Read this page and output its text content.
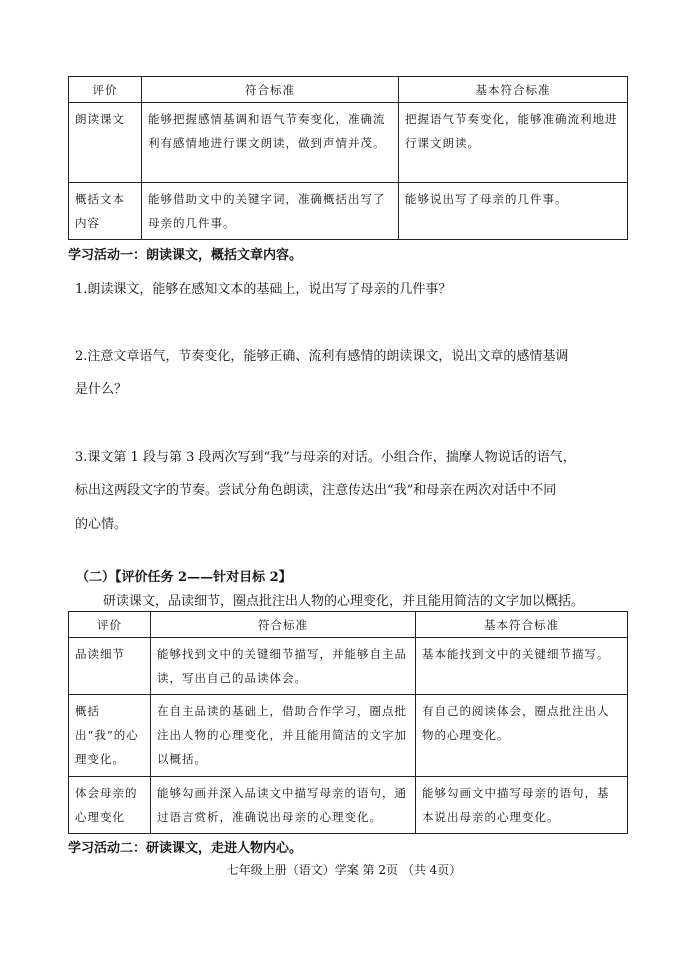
评价	符合标准	基本符合标准
朗读课文	能够把握感情基调和语气节奏变化，准确流利有感情地进行课文朗读，做到声情并茂。	把握语气节奏变化，能够准确流利地进行课文朗读。
概括文本内容	能够借助文中的关键字词，准确概括出写了母亲的几件事。	能够说出写了母亲的几件事。
学习活动一：朗读课文，概括文章内容。
1.朗读课文，能够在感知文本的基础上，说出写了母亲的几件事？
2.注意文章语气，节奏变化，能够正确、流利有感情的朗读课文，说出文章的感情基调
是什么？
3.课文第 1 段与第 3 段两次写到“我”与母亲的对话。小组合作，揣摩人物说话的语气，
标出这两段文字的节奏。尝试分角色朗读，注意传达出“我”和母亲在两次对话中不同
的心情。
（二）【评价任务 2——针对目标 2】
研读课文，品读细节，圈点批注出人物的心理变化，并且能用简洁的文字加以概括。
评价	符合标准	基本符合标准
品读细节	能够找到文中的关键细节描写，并能够自主品读，写出自己的品读体会。	基本能找到文中的关键细节描写。
概括出“我”的心理变化。	在自主品读的基础上，借助合作学习，圈点批注出人物的心理变化，并且能用简洁的文字加以概括。	有自己的阅读体会，圈点批注出人物的心理变化。
体会母亲的心理变化	能够勾画并深入品读文中描写母亲的语句，通过语言赏析，准确说出母亲的心理变化。	能够勾画文中描写母亲的语句，基本说出母亲的心理变化。
学习活动二：研读课文，走进人物内心。
七年级上册（语文）学案 第 2页 （共 4页）
